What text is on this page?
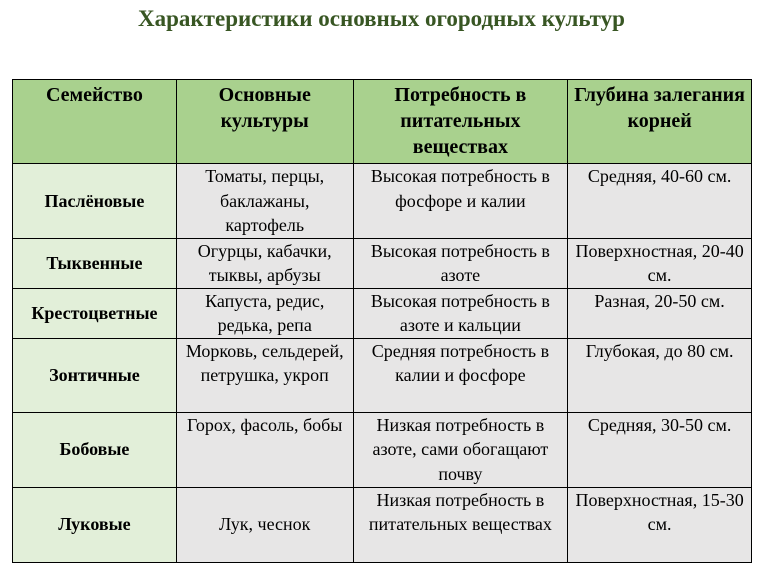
Характеристики основных огородных культур
Семейство	Основные культуры	Потребность в питательных веществах	Глубина залегания корней
Паслёновые	Томаты, перцы, баклажаны, картофель	Высокая потребность в фосфоре и калии	Средняя, 40-60 см.
Тыквенные	Огурцы, кабачки, тыквы, арбузы	Высокая потребность в азоте	Поверхностная, 20-40 см.
Крестоцветные	Капуста, редис, редька, репа	Высокая потребность в азоте и кальции	Разная, 20-50 см.
Зонтичные	Морковь, сельдерей, петрушка, укроп	Средняя потребность в калии и фосфоре	Глубокая, до 80 см.
Бобовые	Горох, фасоль, бобы	Низкая потребность в азоте, сами обогащают почву	Средняя, 30-50 см.
Луковые	Лук, чеснок	Низкая потребность в питательных веществах	Поверхностная, 15-30 см.
